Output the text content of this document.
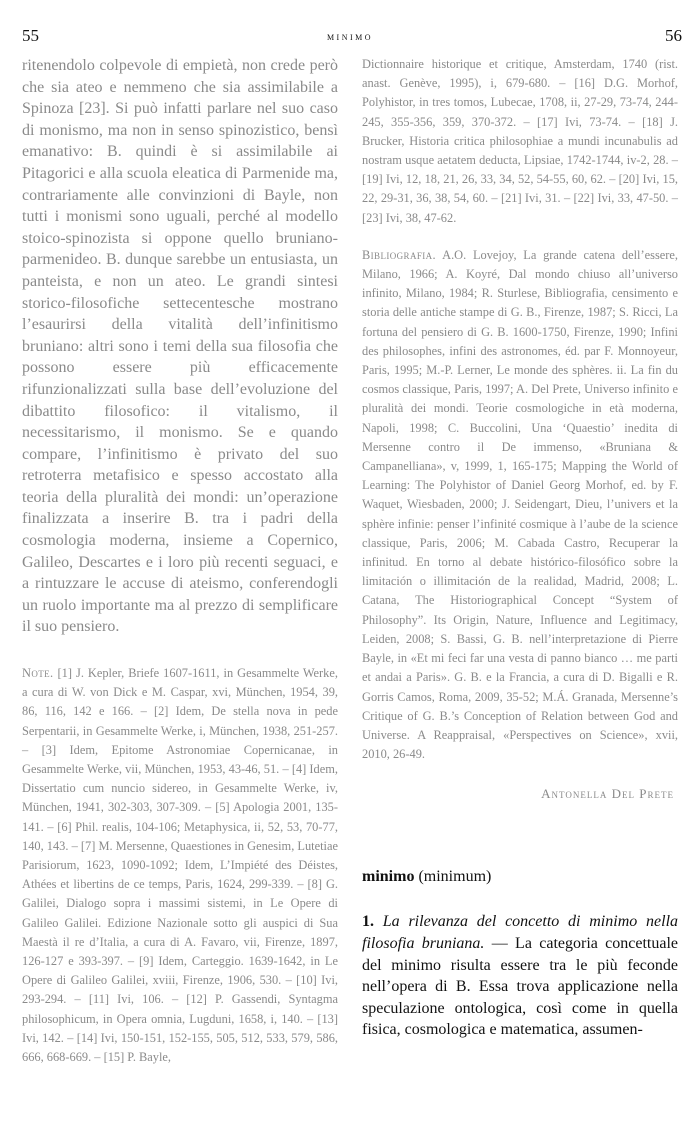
55	minimo	56

ritenendolo colpevole di empietà, non crede però che sia ateo e nemmeno che sia assimilabile a Spinoza [23]. Si può infatti parlare nel suo caso di monismo, ma non in senso spinozistico, bensì emanativo: B. quindi è si assimilabile ai Pitagorici e alla scuola eleatica di Parmenide ma, contrariamente alle convinzioni di Bayle, non tutti i monismi sono uguali, perché al modello stoico-spinozista si oppone quello bruniano-parmenideo. B. dunque sarebbe un entusiasta, un panteista, e non un ateo. Le grandi sintesi storico-filosofiche settecentesche mostrano l’esaurirsi della vitalità dell’infinitismo bruniano: altri sono i temi della sua filosofia che possono essere più efficacemente rifunzionalizzati sulla base dell’evoluzione del dibattito filosofico: il vitalismo, il necessitarismo, il monismo. Se e quando compare, l’infinitismo è privato del suo retroterra metafisico e spesso accostato alla teoria della pluralità dei mondi: un’operazione finalizzata a inserire B. tra i padri della cosmologia moderna, insieme a Copernico, Galileo, Descartes e i loro più recenti seguaci, e a rintuzzare le accuse di ateismo, conferendogli un ruolo importante ma al prezzo di semplificare il suo pensiero.

Note. [1] J. Kepler, Briefe 1607-1611, in Gesammelte Werke, a cura di W. von Dick e M. Caspar, xvi, München, 1954, 39, 86, 116, 142 e 166. – [2] Idem, De stella nova in pede Serpentarii, in Gesammelte Werke, i, München, 1938, 251-257. – [3] Idem, Epitome Astronomiae Copernicanae, in Gesammelte Werke, vii, München, 1953, 43-46, 51. – [4] Idem, Dissertatio cum nuncio sidereo, in Gesammelte Werke, iv, München, 1941, 302-303, 307-309. – [5] Apologia 2001, 135-141. – [6] Phil. realis, 104-106; Metaphysica, ii, 52, 53, 70-77, 140, 143. – [7] M. Mersenne, Quaestiones in Genesim, Lutetiae Parisiorum, 1623, 1090-1092; Idem, L’Impiété des Déistes, Athées et libertins de ce temps, Paris, 1624, 299-339. – [8] G. Galilei, Dialogo sopra i massimi sistemi, in Le Opere di Galileo Galilei. Edizione Nazionale sotto gli auspici di Sua Maestà il re d’Italia, a cura di A. Favaro, vii, Firenze, 1897, 126-127 e 393-397. – [9] Idem, Carteggio. 1639-1642, in Le Opere di Galileo Galilei, xviii, Firenze, 1906, 530. – [10] Ivi, 293-294. – [11] Ivi, 106. – [12] P. Gassendi, Syntagma philosophicum, in Opera omnia, Lugduni, 1658, i, 140. – [13] Ivi, 142. – [14] Ivi, 150-151, 152-155, 505, 512, 533, 579, 586, 666, 668-669. – [15] P. Bayle,

Dictionnaire historique et critique, Amsterdam, 1740 (rist. anast. Genève, 1995), i, 679-680. – [16] D.G. Morhof, Polyhistor, in tres tomos, Lubecae, 1708, ii, 27-29, 73-74, 244-245, 355-356, 359, 370-372. – [17] Ivi, 73-74. – [18] J. Brucker, Historia critica philosophiae a mundi incunabulis ad nostram usque aetatem deducta, Lipsiae, 1742-1744, iv-2, 28. – [19] Ivi, 12, 18, 21, 26, 33, 34, 52, 54-55, 60, 62. – [20] Ivi, 15, 22, 29-31, 36, 38, 54, 60. – [21] Ivi, 31. – [22] Ivi, 33, 47-50. – [23] Ivi, 38, 47-62.

Bibliografia. A.O. Lovejoy, La grande catena dell’essere, Milano, 1966; A. Koyré, Dal mondo chiuso all’universo infinito, Milano, 1984; R. Sturlese, Bibliografia, censimento e storia delle antiche stampe di G. B., Firenze, 1987; S. Ricci, La fortuna del pensiero di G. B. 1600-1750, Firenze, 1990; Infini des philosophes, infini des astronomes, éd. par F. Monnoyeur, Paris, 1995; M.-P. Lerner, Le monde des sphères. ii. La fin du cosmos classique, Paris, 1997; A. Del Prete, Universo infinito e pluralità dei mondi. Teorie cosmologiche in età moderna, Napoli, 1998; C. Buccolini, Una ‘Quaestio’ inedita di Mersenne contro il De immenso, «Bruniana & Campanelliana», v, 1999, 1, 165-175; Mapping the World of Learning: The Polyhistor of Daniel Georg Morhof, ed. by F. Waquet, Wiesbaden, 2000; J. Seidengart, Dieu, l’univers et la sphère infinie: penser l’infinité cosmique à l’aube de la science classique, Paris, 2006; M. Cabada Castro, Recuperar la infinitud. En torno al debate histórico-filosófico sobre la limitación o illimitación de la realidad, Madrid, 2008; L. Catana, The Historiographical Concept “System of Philosophy”. Its Origin, Nature, Influence and Legitimacy, Leiden, 2008; S. Bassi, G. B. nell’interpretazione di Pierre Bayle, in «Et mi feci far una vesta di panno bianco … me parti et andai a Paris». G. B. e la Francia, a cura di D. Bigalli e R. Gorris Camos, Roma, 2009, 35-52; M.Á. Granada, Mersenne’s Critique of G. B.’s Conception of Relation between God and Universe. A Reappraisal, «Perspectives on Science», xvii, 2010, 26-49.

Antonella Del Prete

minimo (minimum)

1. La rilevanza del concetto di minimo nella filosofia bruniana. — La categoria concettuale del minimo risulta essere tra le più feconde nell’opera di B. Essa trova applicazione nella speculazione ontologica, così come in quella fisica, cosmologica e matematica, assumen-
